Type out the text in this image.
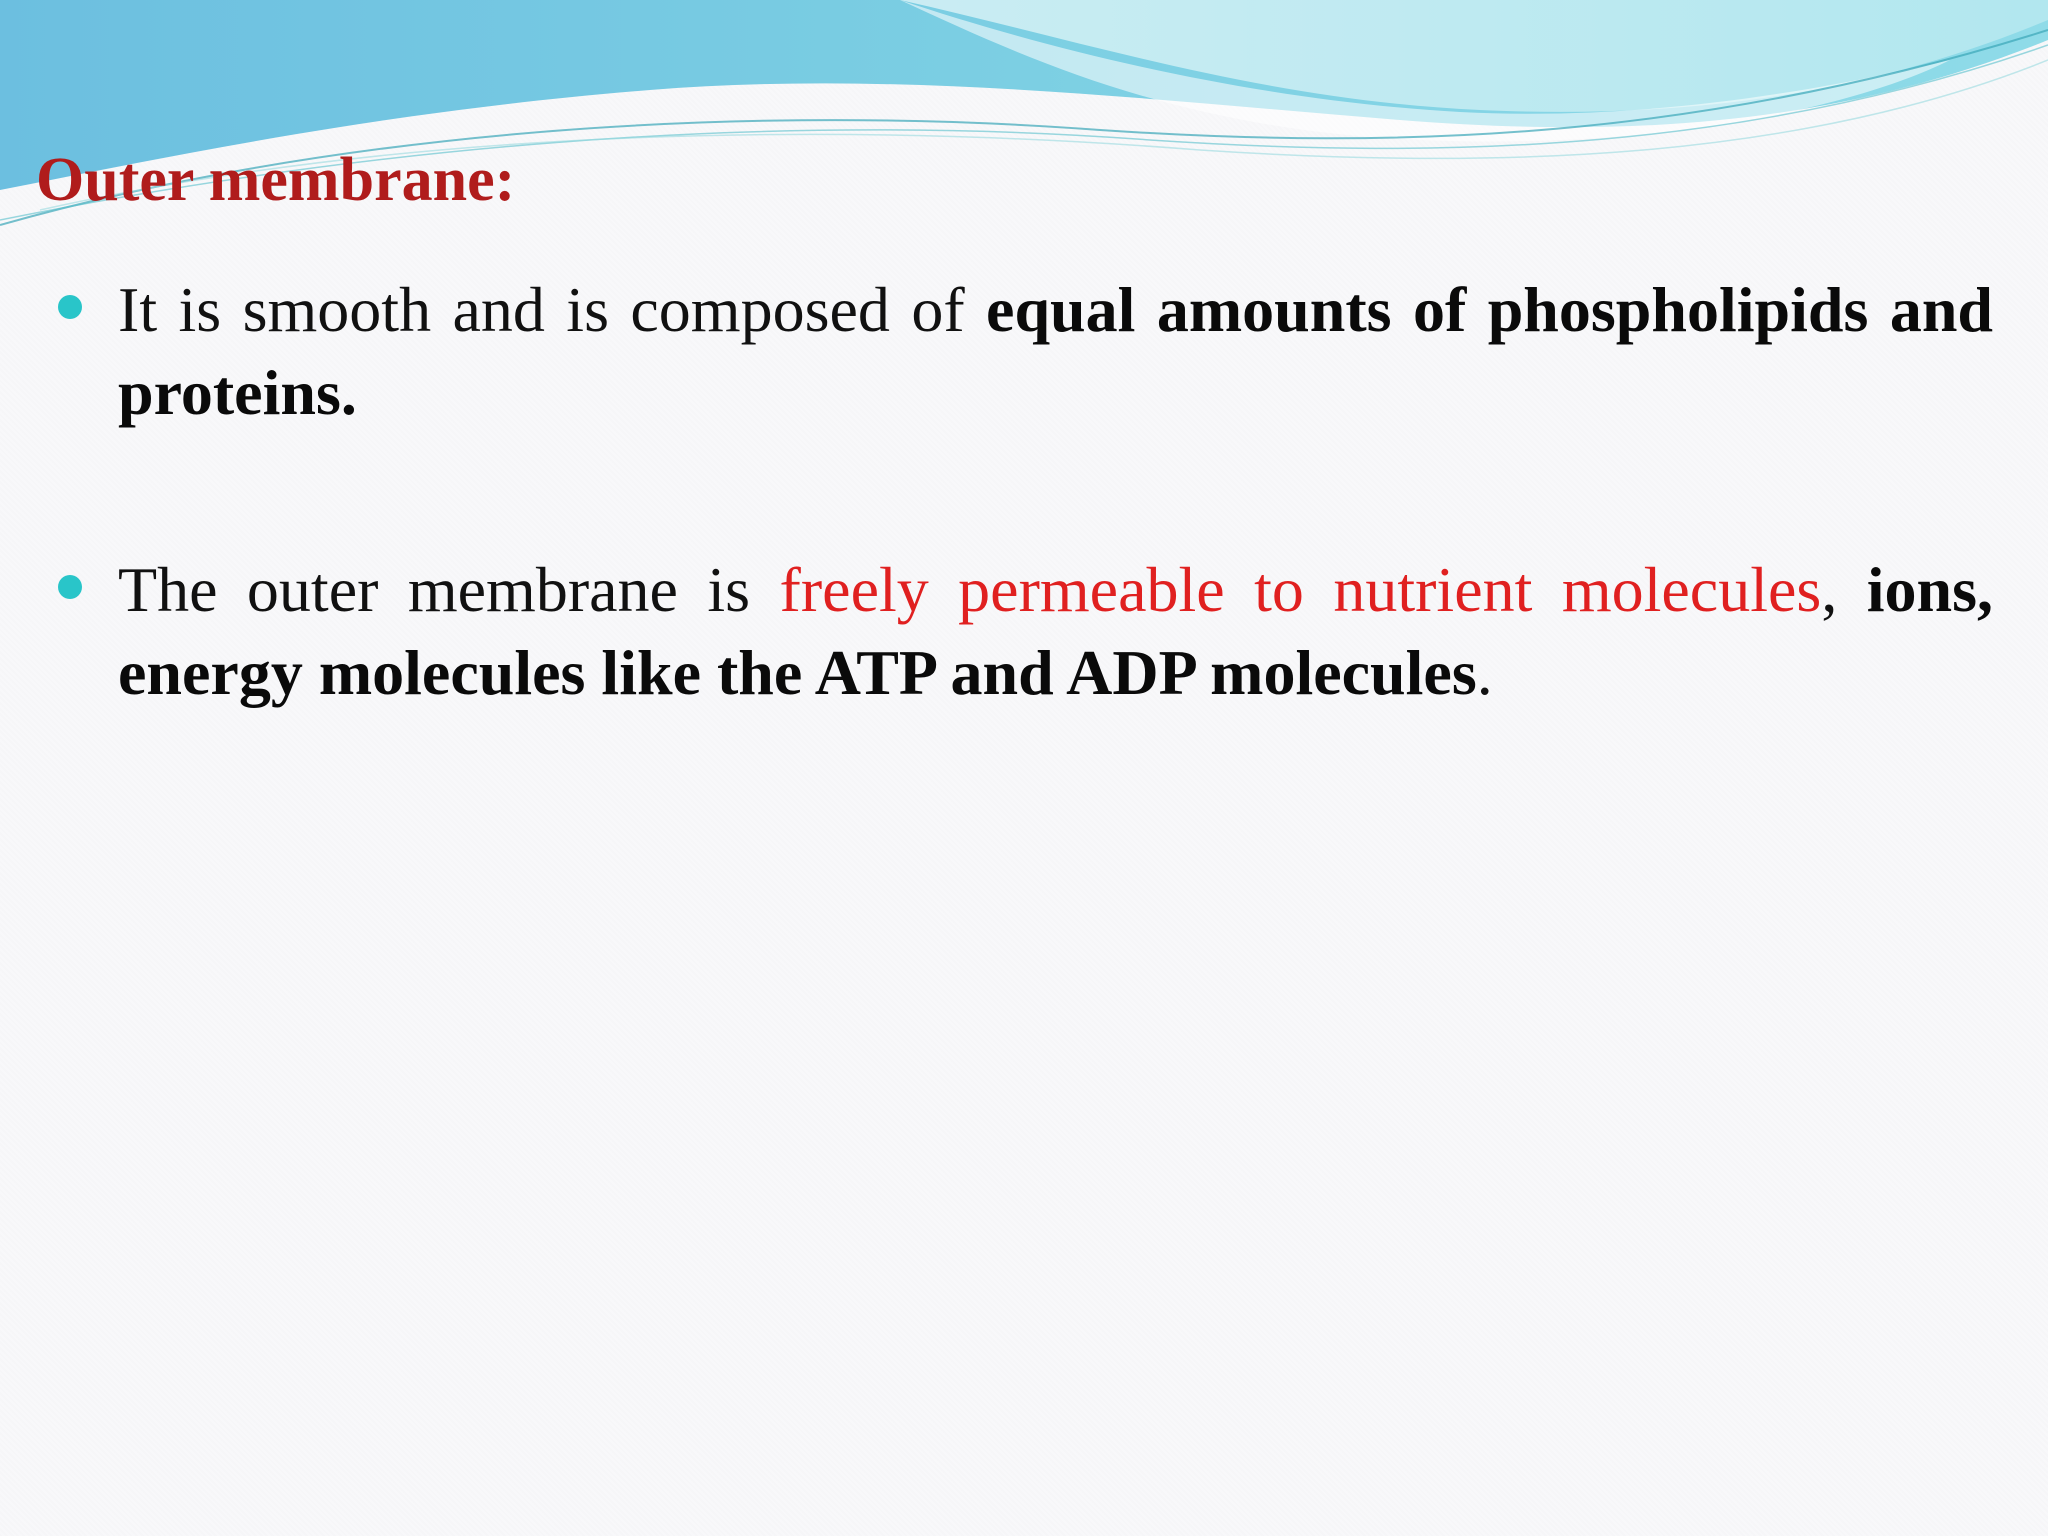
Outer membrane:
It is smooth and is composed of equal amounts of phospholipids and proteins.
The outer membrane is freely permeable to nutrient molecules, ions, energy molecules like the ATP and ADP molecules.
